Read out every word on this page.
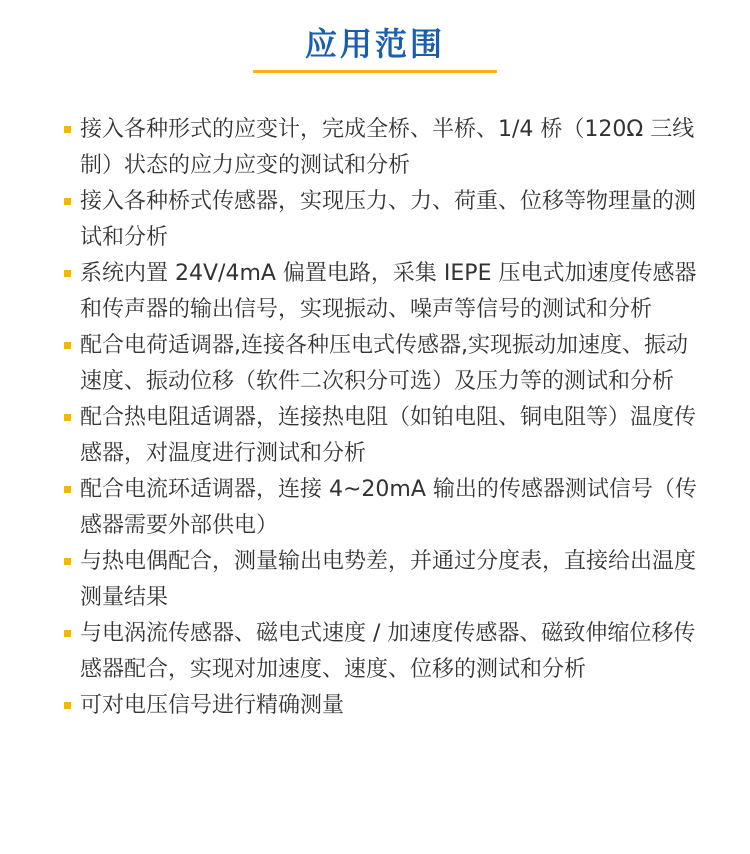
应用范围
接入各种形式的应变计，完成全桥、半桥、1/4 桥（120Ω 三线制）状态的应力应变的测试和分析
接入各种桥式传感器，实现压力、力、荷重、位移等物理量的测试和分析
系统内置 24V/4mA 偏置电路，采集 IEPE 压电式加速度传感器和传声器的输出信号，实现振动、噪声等信号的测试和分析
配合电荷适调器,连接各种压电式传感器,实现振动加速度、振动速度、振动位移（软件二次积分可选）及压力等的测试和分析
配合热电阻适调器，连接热电阻（如铂电阻、铜电阻等）温度传感器，对温度进行测试和分析
配合电流环适调器，连接 4~20mA 输出的传感器测试信号（传感器需要外部供电）
与热电偶配合，测量输出电势差，并通过分度表，直接给出温度测量结果
与电涡流传感器、磁电式速度 / 加速度传感器、磁致伸缩位移传感器配合，实现对加速度、速度、位移的测试和分析
可对电压信号进行精确测量
